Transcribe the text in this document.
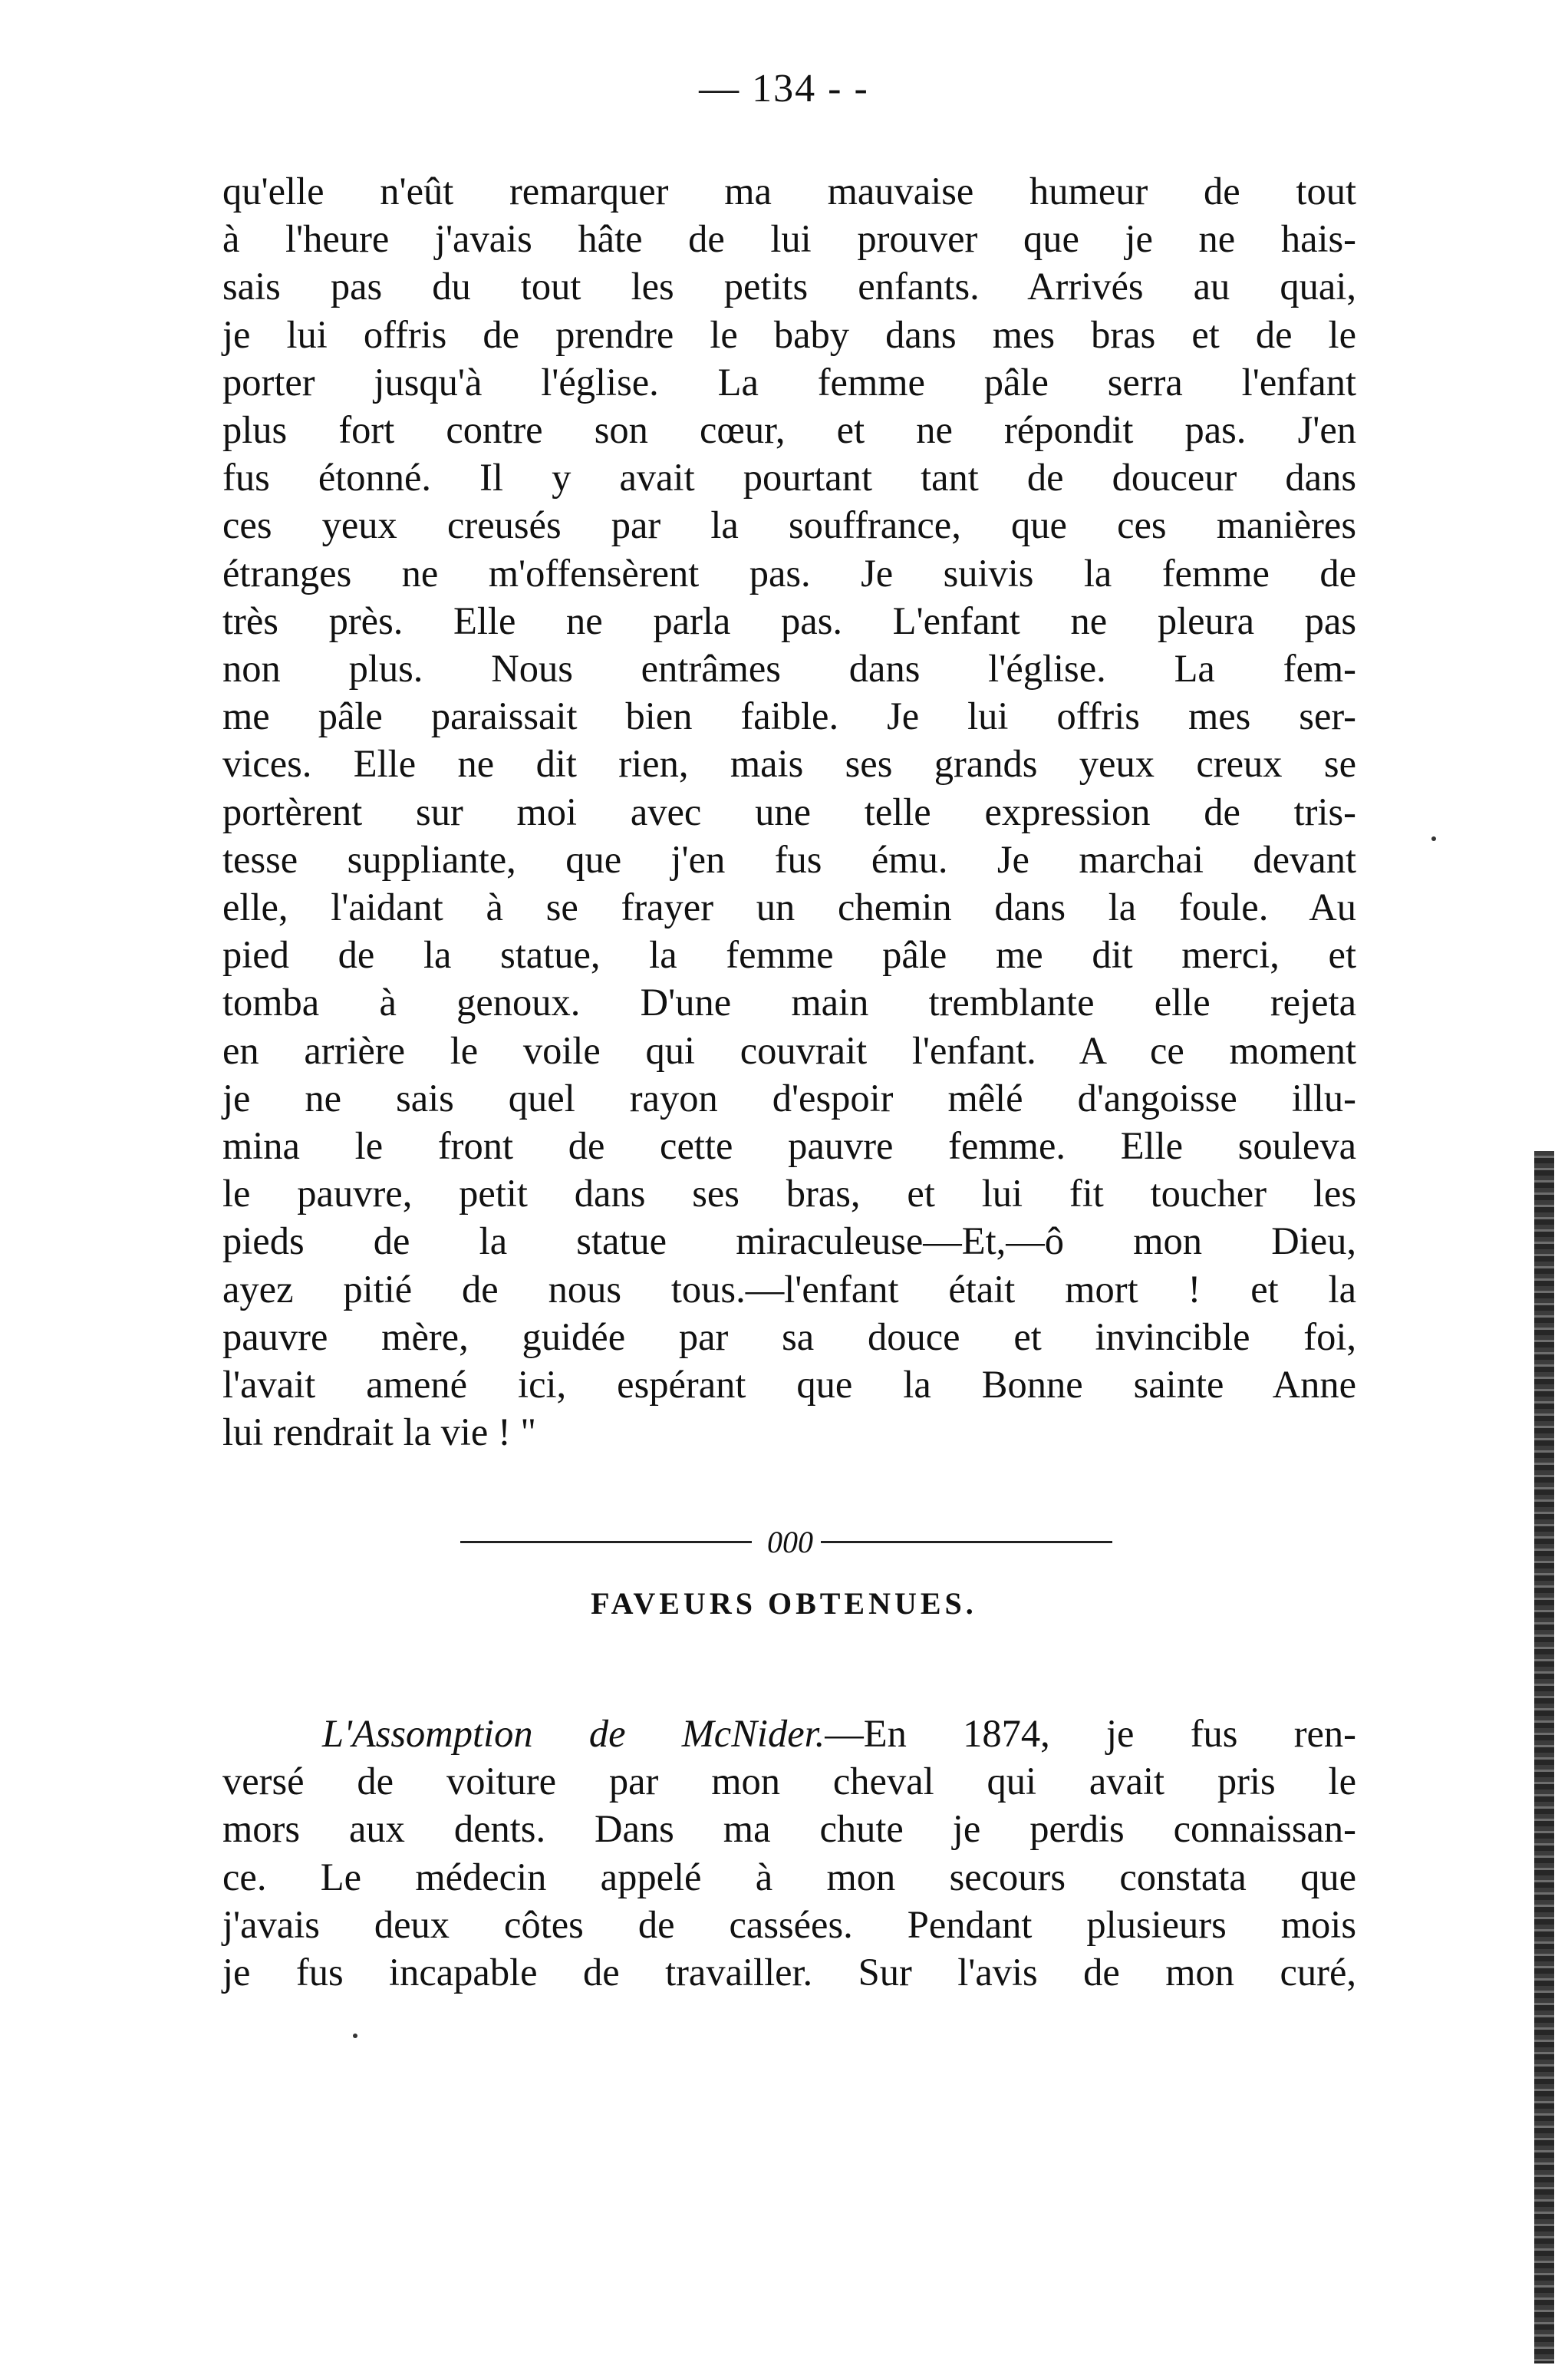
— 134 - -
qu'elle n'eût remarquer ma mauvaise humeur de tout
à l'heure j'avais hâte de lui prouver que je ne hais-
sais pas du tout les petits enfants. Arrivés au quai,
je lui offris de prendre le baby dans mes bras et de le
porter jusqu'à l'église. La femme pâle serra l'enfant
plus fort contre son cœur, et ne répondit pas. J'en
fus étonné. Il y avait pourtant tant de douceur dans
ces yeux creusés par la souffrance, que ces manières
étranges ne m'offensèrent pas. Je suivis la femme de
très près. Elle ne parla pas. L'enfant ne pleura pas
non plus. Nous entrâmes dans l'église. La fem-
me pâle paraissait bien faible. Je lui offris mes ser-
vices. Elle ne dit rien, mais ses grands yeux creux se
portèrent sur moi avec une telle expression de tris-
tesse suppliante, que j'en fus ému. Je marchai devant
elle, l'aidant à se frayer un chemin dans la foule. Au
pied de la statue, la femme pâle me dit merci, et
tomba à genoux. D'une main tremblante elle rejeta
en arrière le voile qui couvrait l'enfant. A ce moment
je ne sais quel rayon d'espoir mêlé d'angoisse illu-
mina le front de cette pauvre femme. Elle souleva
le pauvre, petit dans ses bras, et lui fit toucher les
pieds de la statue miraculeuse—Et,—ô mon Dieu,
ayez pitié de nous tous.—l'enfant était mort ! et la
pauvre mère, guidée par sa douce et invincible foi,
l'avait amené ici, espérant que la Bonne sainte Anne
lui rendrait la vie ! "
000
FAVEURS OBTENUES.
L'Assomption de McNider.—En 1874, je fus ren-
versé de voiture par mon cheval qui avait pris le
mors aux dents. Dans ma chute je perdis connaissan-
ce. Le médecin appelé à mon secours constata que
j'avais deux côtes de cassées. Pendant plusieurs mois
je fus incapable de travailler. Sur l'avis de mon curé,
